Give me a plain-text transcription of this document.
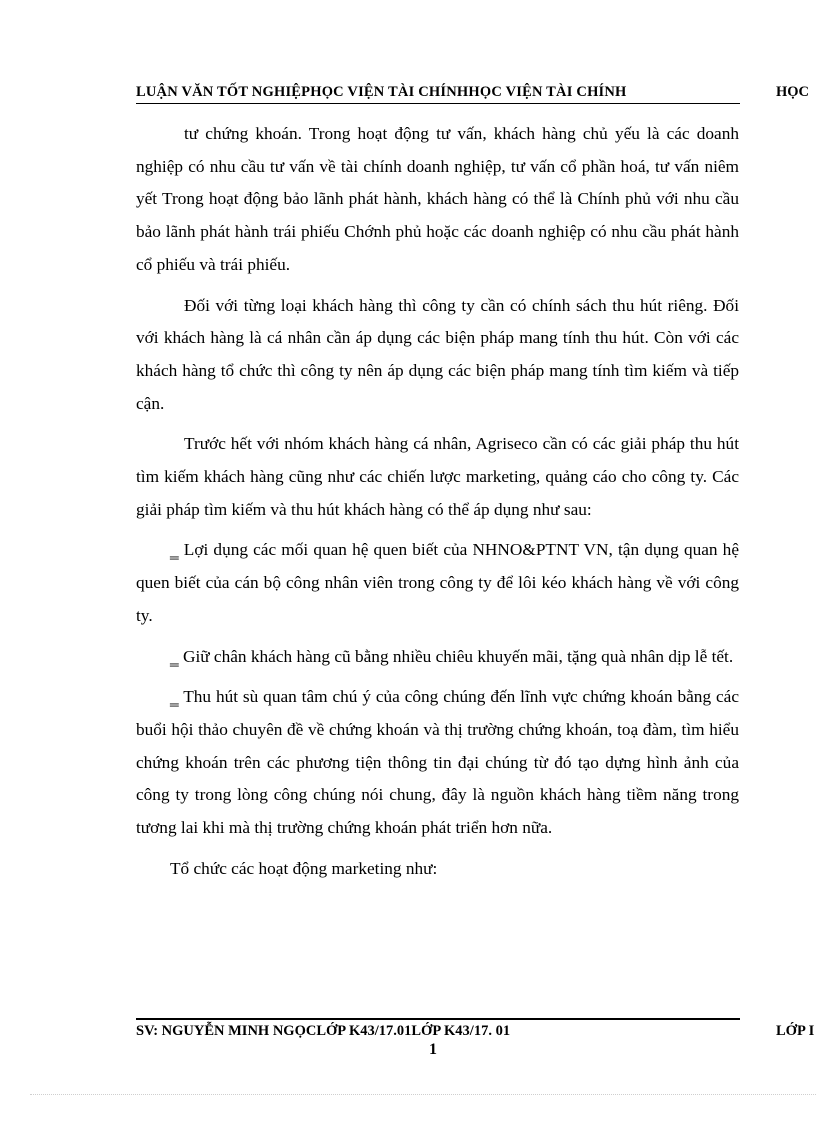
LUẬN VĂN TỐT NGHIỆPHỌC VIỆN TÀI CHÍNHHỌC VIỆN TÀI CHÍNH	HỌC

tư chứng khoán. Trong hoạt động tư vấn, khách hàng chủ yếu là các doanh nghiệp có nhu cầu tư vấn về tài chính doanh nghiệp, tư vấn cổ phần hoá, tư vấn niêm yết Trong hoạt động bảo lãnh phát hành, khách hàng có thể là Chính phủ với nhu cầu bảo lãnh phát hành trái phiếu Chớnh phủ hoặc các doanh nghiệp có nhu cầu phát hành cổ phiếu và trái phiếu.

Đối với từng loại khách hàng thì công ty cần có chính sách thu hút riêng. Đối với khách hàng là cá nhân cần áp dụng các biện pháp mang tính thu hút. Còn với các khách hàng tổ chức thì công ty nên áp dụng các biện pháp mang tính tìm kiếm và tiếp cận.

Trước hết với nhóm khách hàng cá nhân, Agriseco cần có các giải pháp thu hút tìm kiếm khách hàng cũng như các chiến lược marketing, quảng cáo cho công ty. Các giải pháp tìm kiếm và thu hút khách hàng có thể áp dụng như sau:

‗ Lợi dụng các mối quan hệ quen biết của NHNO&PTNT VN, tận dụng quan hệ quen biết của cán bộ công nhân viên trong công ty để lôi kéo khách hàng về với công ty.

‗ Giữ chân khách hàng cũ bằng nhiều chiêu khuyến mãi, tặng quà nhân dịp lễ tết.

‗ Thu hút sù quan tâm chú ý của công chúng đến lĩnh vực chứng khoán bằng các buổi hội thảo chuyên đề về chứng khoán và thị trường chứng khoán, toạ đàm, tìm hiểu chứng khoán trên các phương tiện thông tin đại chúng từ đó tạo dựng hình ảnh của công ty trong lòng công chúng nói chung, đây là nguồn khách hàng tiềm năng trong tương lai khi mà thị trường chứng khoán phát triển hơn nữa.

Tổ chức các hoạt động marketing như:

SV: NGUYỄN MINH NGỌCLỚP K43/17.01LỚP K43/17. 01	LỚP I
1
